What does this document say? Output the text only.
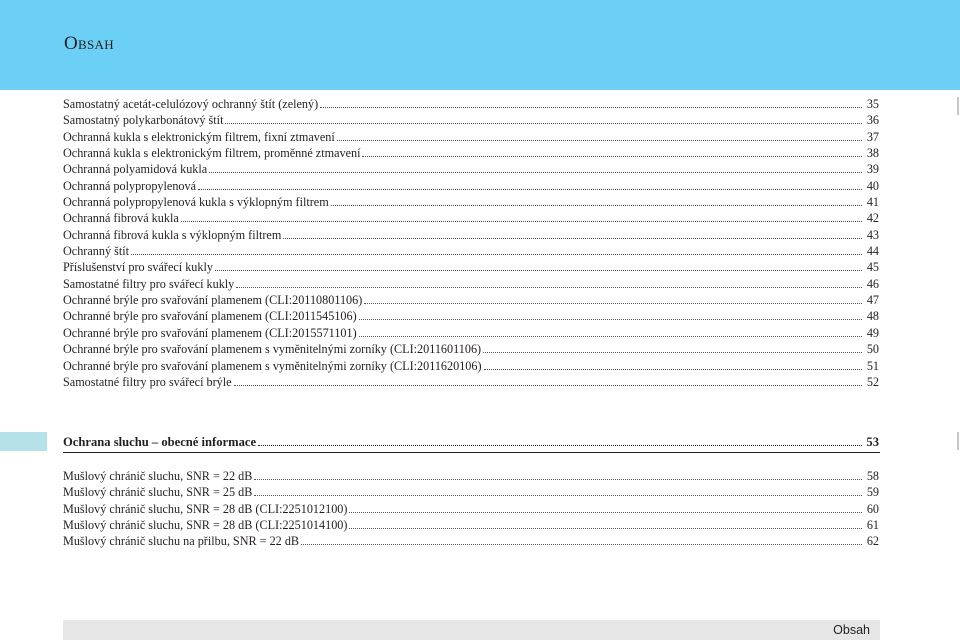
Obsah
Samostatný acetát-celulózový ochranný štít (zelený)	35
Samostatný polykarbonátový štít	36
Ochranná kukla s elektronickým filtrem, fixní ztmavení	37
Ochranná kukla s elektronickým filtrem, proměnné ztmavení	38
Ochranná polyamidová kukla	39
Ochranná polypropylenová	40
Ochranná polypropylenová kukla s výklopným filtrem	41
Ochranná fibrová kukla	42
Ochranná fibrová kukla s výklopným filtrem	43
Ochranný štít	44
Příslušenství pro svářecí kukly	45
Samostatné filtry pro svářecí kukly	46
Ochranné brýle pro svařování plamenem (CLI:20110801106)	47
Ochranné brýle pro svařování plamenem (CLI:2011545106)	48
Ochranné brýle pro svařování plamenem (CLI:2015571101)	49
Ochranné brýle pro svařování plamenem s vyměnitelnými zorníky (CLI:2011601106)	50
Ochranné brýle pro svařování plamenem s vyměnitelnými zorníky (CLI:2011620106)	51
Samostatné filtry pro svářecí brýle	52
Ochrana sluchu – obecné informace	53
Mušlový chránič sluchu, SNR = 22 dB	58
Mušlový chránič sluchu, SNR = 25 dB	59
Mušlový chránič sluchu, SNR = 28 dB (CLI:2251012100)	60
Mušlový chránič sluchu, SNR = 28 dB (CLI:2251014100)	61
Mušlový chránič sluchu na přilbu, SNR = 22 dB	62
Obsah
